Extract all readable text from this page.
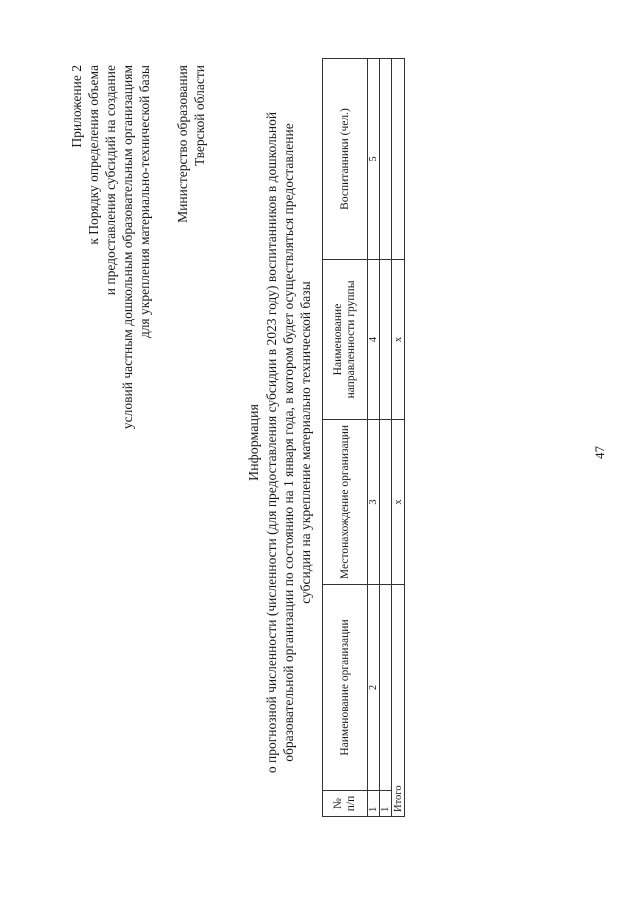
47
Приложение 2 к Порядку определения объема и предоставления субсидий на создание условий частным дошкольным образовательным организациям для укрепления материально-технической базы Министерство образования Тверской области
Информация о прогнозной численности (численности (для предоставления субсидии в 2023 году) воспитанников в дошкольной образовательной организации по состоянию на 1 января года, в котором будет осуществляться предоставление субсидии на укрепление материально технической базы
№ п/п	Наименование организации	Местонахождение организации	Наименование направленности группы	Воспитанники (чел.)
1	2	3	4	5
1				
Итого		х	х	
